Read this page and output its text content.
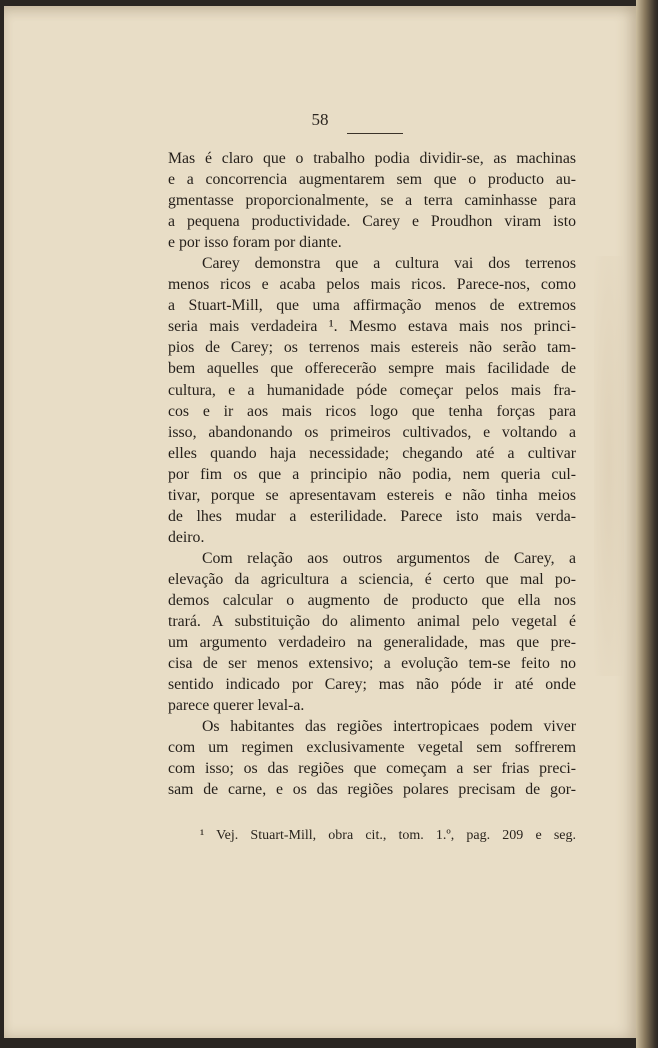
58
Mas é claro que o trabalho podia dividir-se, as machinas
e a concorrencia augmentarem sem que o producto au-
gmentasse proporcionalmente, se a terra caminhasse para
a pequena productividade. Carey e Proudhon viram isto
e por isso foram por diante.
Carey demonstra que a cultura vai dos terrenos
menos ricos e acaba pelos mais ricos. Parece-nos, como
a Stuart-Mill, que uma affirmação menos de extremos
seria mais verdadeira ¹. Mesmo estava mais nos princi-
pios de Carey; os terrenos mais estereis não serão tam-
bem aquelles que offerecerão sempre mais facilidade de
cultura, e a humanidade póde começar pelos mais fra-
cos e ir aos mais ricos logo que tenha forças para
isso, abandonando os primeiros cultivados, e voltando a
elles quando haja necessidade; chegando até a cultivar
por fim os que a principio não podia, nem queria cul-
tivar, porque se apresentavam estereis e não tinha meios
de lhes mudar a esterilidade. Parece isto mais verda-
deiro.
Com relação aos outros argumentos de Carey, a
elevação da agricultura a sciencia, é certo que mal po-
demos calcular o augmento de producto que ella nos
trará. A substituição do alimento animal pelo vegetal é
um argumento verdadeiro na generalidade, mas que pre-
cisa de ser menos extensivo; a evolução tem-se feito no
sentido indicado por Carey; mas não póde ir até onde
parece querer leval-a.
Os habitantes das regiões intertropicaes podem viver
com um regimen exclusivamente vegetal sem soffrerem
com isso; os das regiões que começam a ser frias preci-
sam de carne, e os das regiões polares precisam de gor-
¹ Vej. Stuart-Mill, obra cit., tom. 1.º, pag. 209 e seg.
